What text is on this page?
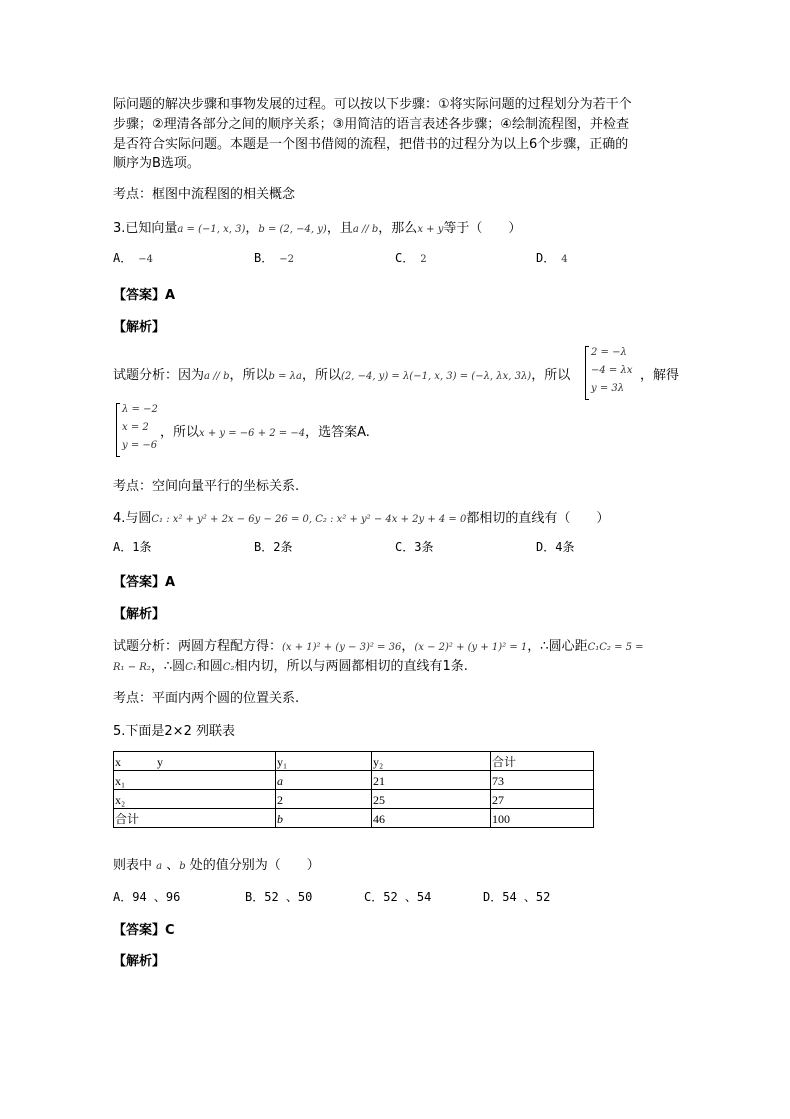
际问题的解决步骤和事物发展的过程。可以按以下步骤：①将实际问题的过程划分为若干个
步骤；②理清各部分之间的顺序关系；③用简洁的语言表述各步骤；④绘制流程图，并检查
是否符合实际问题。本题是一个图书借阅的流程，把借书的过程分为以上6个步骤，正确的
顺序为B选项。
考点：框图中流程图的相关概念
3.已知向量a = (−1, x, 3)，b = (2, −4, y)，且a // b，那么x + y等于（　　）
A． −4	B． −2	C． 2	D． 4
【答案】A
【解析】
试题分析：因为a // b，所以b = λa，所以(2, −4, y) = λ(−1, x, 3) = (−λ, λx, 3λ)，所以
2 = −λ
−4 = λx
y = 3λ
，解得
λ = −2
x = 2
y = −6
，所以x + y = −6 + 2 = −4，选答案A.
考点：空间向量平行的坐标关系.
4.与圆C₁ : x² + y² + 2x − 6y − 26 = 0, C₂ : x² + y² − 4x + 2y + 4 = 0都相切的直线有（　　）
A．1条	B．2条	C．3条	D．4条
【答案】A
【解析】
试题分析：两圆方程配方得：(x + 1)² + (y − 3)² = 36，(x − 2)² + (y + 1)² = 1，∴圆心距C₁C₂ = 5 =
R₁ − R₂，∴圆C₁和圆C₂相内切，所以与两圆都相切的直线有1条.
考点：平面内两个圆的位置关系.
5.下面是2×2 列联表
x　　　y	y₁	y₂	合计
x₁	a	21	73
x₂	2	25	27
合计	b	46	100
则表中 a 、b 处的值分别为（　　）
A．94 、96	B．52 、50	C．52 、54	D．54 、52
【答案】C
【解析】
